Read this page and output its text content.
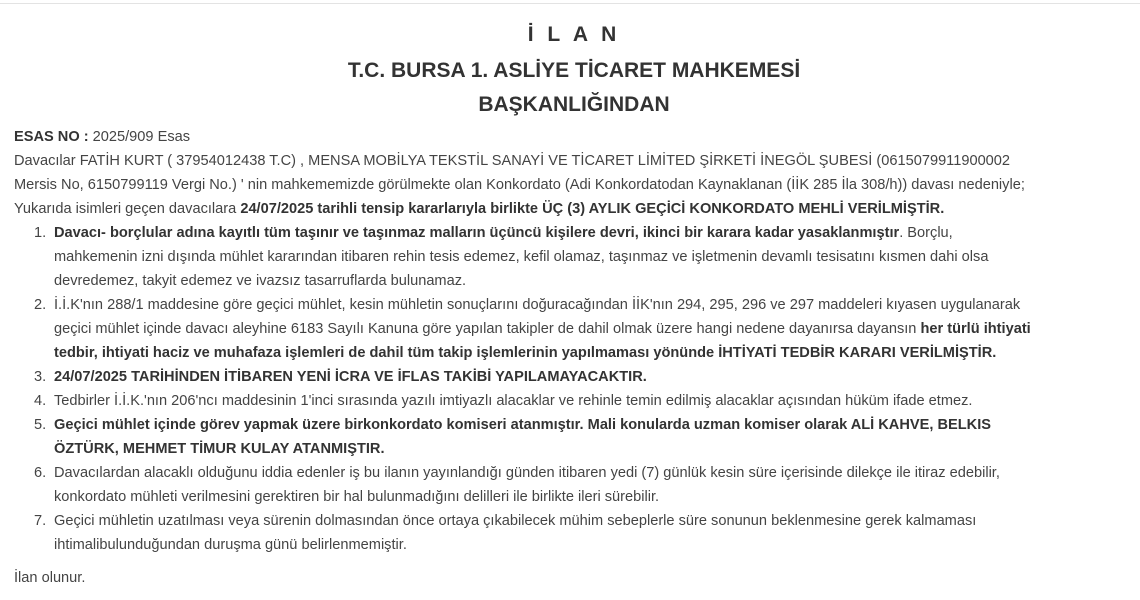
İ L A N
T.C. BURSA 1. ASLİYE TİCARET MAHKEMESİ
BAŞKANLIĞINDAN

ESAS NO : 2025/909 Esas

Davacılar FATİH KURT ( 37954012438 T.C) , MENSA MOBİLYA TEKSTİL SANAYİ VE TİCARET LİMİTED ŞİRKETİ İNEGÖL ŞUBESİ (0615079911900002

Mersis No, 6150799119 Vergi No.) ' nin mahkememizde görülmekte olan Konkordato (Adi Konkordatodan Kaynaklanan (İİK 285 İla 308/h)) davası nedeniyle;

Yukarıda isimleri geçen davacılara 24/07/2025 tarihli tensip kararlarıyla birlikte ÜÇ (3) AYLIK GEÇİCİ KONKORDATO MEHLİ VERİLMİŞTİR.

1. Davacı- borçlular adına kayıtlı tüm taşınır ve taşınmaz malların üçüncü kişilere devri, ikinci bir karara kadar yasaklanmıştır. Borçlu,
mahkemenin izni dışında mühlet kararından itibaren rehin tesis edemez, kefil olamaz, taşınmaz ve işletmenin devamlı tesisatını kısmen dahi olsa
devredemez, takyit edemez ve ivazsız tasarruflarda bulunamaz.
2. İ.İ.K'nın 288/1 maddesine göre geçici mühlet, kesin mühletin sonuçlarını doğuracağından İİK'nın 294, 295, 296 ve 297 maddeleri kıyasen uygulanarak
geçici mühlet içinde davacı aleyhine 6183 Sayılı Kanuna göre yapılan takipler de dahil olmak üzere hangi nedene dayanırsa dayansın her türlü ihtiyati
tedbir, ihtiyati haciz ve muhafaza işlemleri de dahil tüm takip işlemlerinin yapılmaması yönünde İHTİYATİ TEDBİR KARARI VERİLMİŞTİR.
3. 24/07/2025 TARİHİNDEN İTİBAREN YENİ İCRA VE İFLAS TAKİBİ YAPILAMAYACAKTIR.
4. Tedbirler İ.İ.K.'nın 206'ncı maddesinin 1'inci sırasında yazılı imtiyazlı alacaklar ve rehinle temin edilmiş alacaklar açısından hüküm ifade etmez.
5. Geçici mühlet içinde görev yapmak üzere birkonkordato komiseri atanmıştır. Mali konularda uzman komiser olarak ALİ KAHVE, BELKIS
ÖZTÜRK, MEHMET TİMUR KULAY ATANMIŞTIR.
6. Davacılardan alacaklı olduğunu iddia edenler iş bu ilanın yayınlandığı günden itibaren yedi (7) günlük kesin süre içerisinde dilekçe ile itiraz edebilir,
konkordato mühleti verilmesini gerektiren bir hal bulunmadığını delilleri ile birlikte ileri sürebilir.
7. Geçici mühletin uzatılması veya sürenin dolmasından önce ortaya çıkabilecek mühim sebeplerle süre sonunun beklenmesine gerek kalmaması
ihtimalibulunduğundan duruşma günü belirlenmemiştir.
İlan olunur.
